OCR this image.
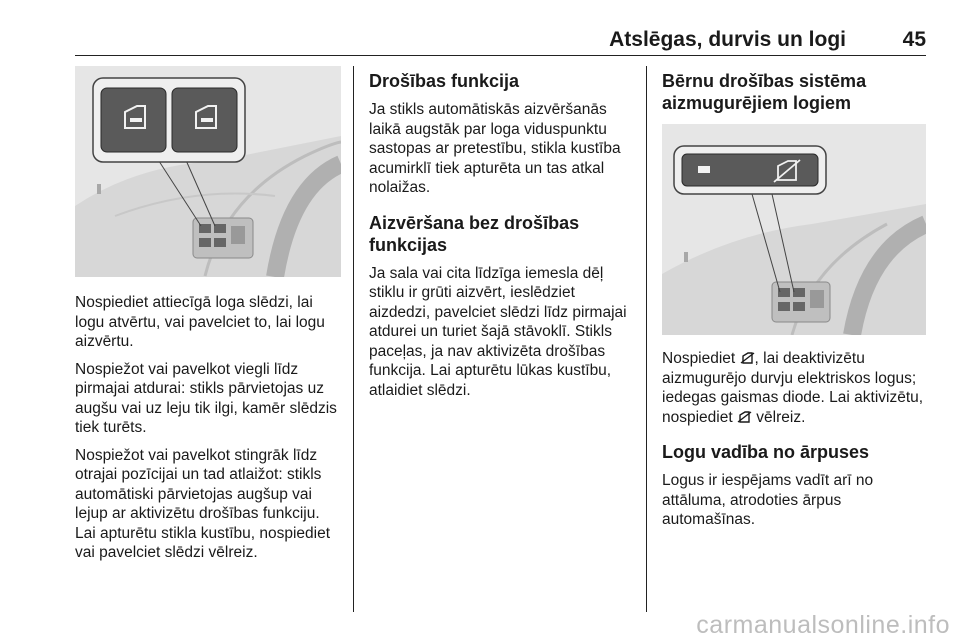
Atslēgas, durvis un logi	45

Nospiediet attiecīgā loga slēdzi, lai logu atvērtu, vai pavelciet to, lai logu aizvērtu.

Nospiežot vai pavelkot viegli līdz pirmajai atdurai: stikls pārvietojas uz augšu vai uz leju tik ilgi, kamēr slēdzis tiek turēts.

Nospiežot vai pavelkot stingrāk līdz otrajai pozīcijai un tad atlaižot: stikls automātiski pārvietojas augšup vai lejup ar aktivizētu drošības funkciju. Lai apturētu stikla kustību, nospiediet vai pavelciet slēdzi vēlreiz.

Drošības funkcija

Ja stikls automātiskās aizvēršanās laikā augstāk par loga viduspunktu sastopas ar pretestību, stikla kustība acumirklī tiek apturēta un tas atkal nolaižas.

Aizvēršana bez drošības funkcijas

Ja sala vai cita līdzīga iemesla dēļ stiklu ir grūti aizvērt, ieslēdziet aizdedzi, pavelciet slēdzi līdz pirmajai atdurei un turiet šajā stāvoklī. Stikls paceļas, ja nav aktivizēta drošības funkcija. Lai apturētu lūkas kustību, atlaidiet slēdzi.

Bērnu drošības sistēma aizmugurējiem logiem

Nospiediet , lai deaktivizētu aizmugurējo durvju elektriskos logus; iedegas gaismas diode. Lai aktivizētu, nospiediet  vēlreiz.

Logu vadība no ārpuses

Logus ir iespējams vadīt arī no attāluma, atrodoties ārpus automašīnas.

carmanualsonline.info
